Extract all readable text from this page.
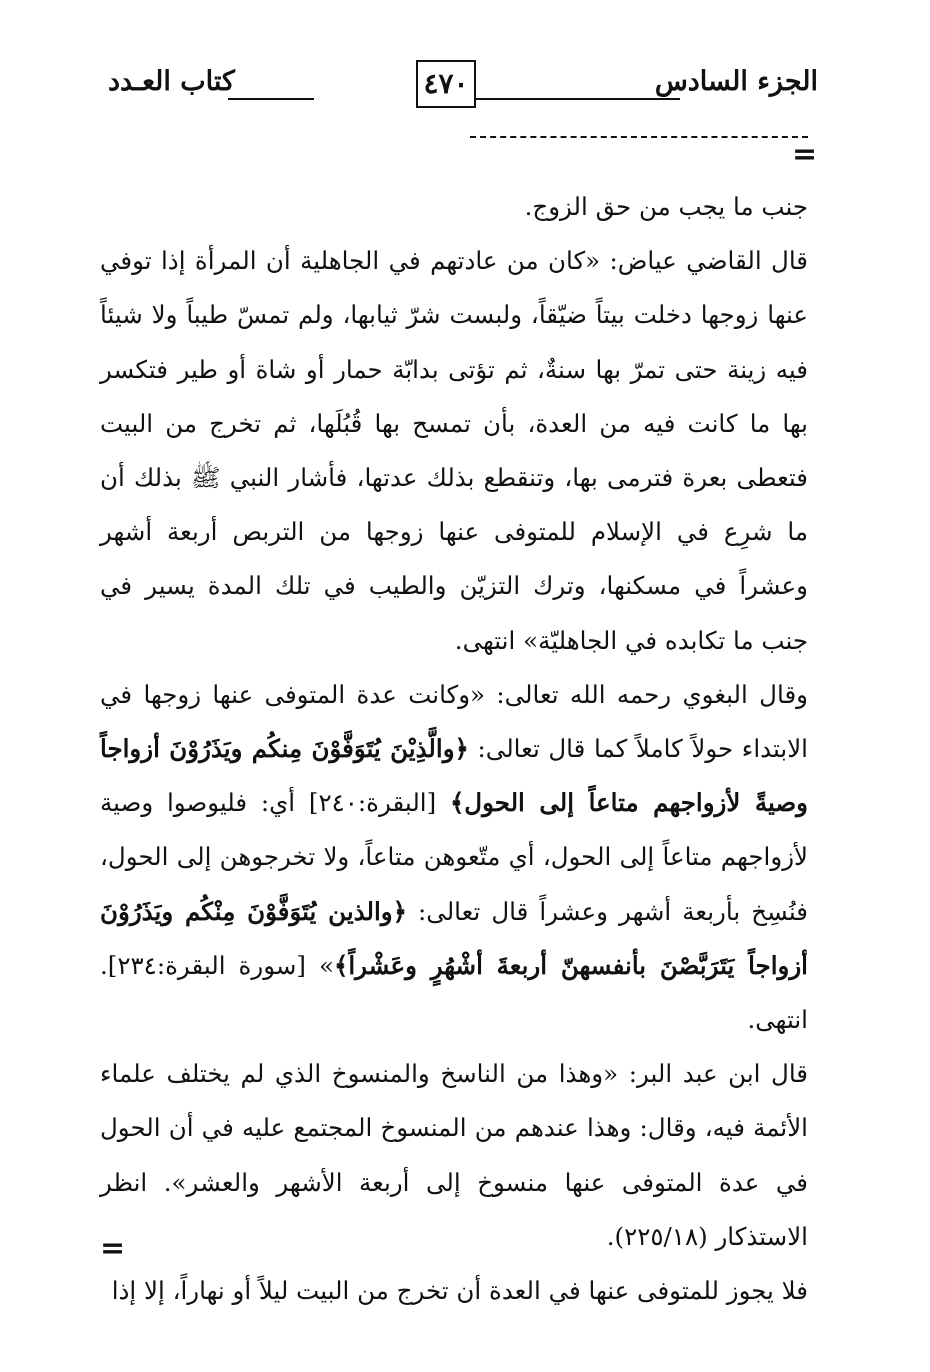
الجزء السادس
٤٧٠
كتاب العـدد
=

جنب ما يجب من حق الزوج.

قال القاضي عياض: «كان من عادتهم في الجاهلية أن المرأة إذا توفي عنها زوجها دخلت بيتاً ضيّقاً، ولبست شرّ ثيابها، ولم تمسّ طيباً ولا شيئاً فيه زينة حتى تمرّ بها سنةٌ، ثم تؤتى بدابّة حمار أو شاة أو طير فتكسر بها ما كانت فيه من العدة، بأن تمسح بها قُبُلَها، ثم تخرج من البيت فتعطى بعرة فترمى بها، وتنقطع بذلك عدتها، فأشار النبي ﷺ بذلك أن ما شرِع في الإسلام للمتوفى عنها زوجها من التربص أربعة أشهر وعشراً في مسكنها، وترك التزيّن والطيب في تلك المدة يسير في جنب ما تكابده في الجاهليّة» انتهى.

وقال البغوي رحمه الله تعالى: «وكانت عدة المتوفى عنها زوجها في الابتداء حولاً كاملاً كما قال تعالى: ﴿والَّذِيْنَ يُتَوَفَّوْنَ مِنكُم ويَذَرُوْنَ أزواجاً وصيةً لأزواجهم متاعاً إلى الحول﴾ [البقرة:٢٤٠] أي: فليوصوا وصية لأزواجهم متاعاً إلى الحول، أي متّعوهن متاعاً، ولا تخرجوهن إلى الحول، فنُسِخ بأربعة أشهر وعشراً قال تعالى: ﴿والذين يُتَوَفَّوْنَ مِنْكُم ويَذَرُوْنَ أزواجاً يَتَرَبَّصْنَ بأنفسهنّ أربعةَ أشْهُرٍ وعَشْراً﴾» [سورة البقرة:٢٣٤]. انتهى.

قال ابن عبد البر: «وهذا من الناسخ والمنسوخ الذي لم يختلف علماء الأئمة فيه، وقال: وهذا عندهم من المنسوخ المجتمع عليه في أن الحول في عدة المتوفى عنها منسوخ إلى أربعة الأشهر والعشر». انظر الاستذكار (٢٢٥/١٨).

فلا يجوز للمتوفى عنها في العدة أن تخرج من البيت ليلاً أو نهاراً، إلا إذا

=
